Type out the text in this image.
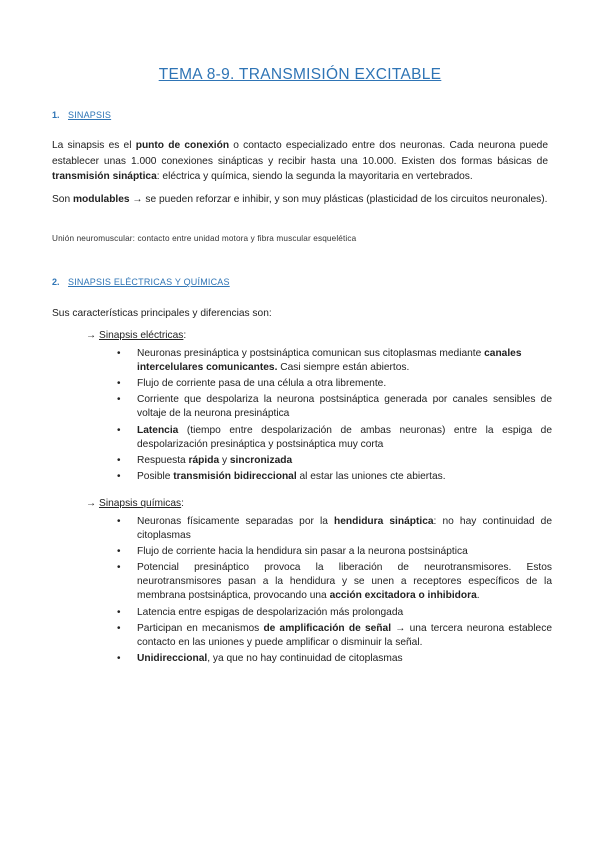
TEMA 8-9. TRANSMISIÓN EXCITABLE
1. SINAPSIS
La sinapsis es el punto de conexión o contacto especializado entre dos neuronas. Cada neurona puede establecer unas 1.000 conexiones sinápticas y recibir hasta una 10.000. Existen dos formas básicas de transmisión sináptica: eléctrica y química, siendo la segunda la mayoritaria en vertebrados.
Son modulables → se pueden reforzar e inhibir, y son muy plásticas (plasticidad de los circuitos neuronales).
Unión neuromuscular: contacto entre unidad motora y fibra muscular esquelética
2. SINAPSIS ELÉCTRICAS Y QUÍMICAS
Sus características principales y diferencias son:
→ Sinapsis eléctricas:
• Neuronas presináptica y postsináptica comunican sus citoplasmas mediante canales intercelulares comunicantes. Casi siempre están abiertos.
• Flujo de corriente pasa de una célula a otra libremente.
• Corriente que despolariza la neurona postsináptica generada por canales sensibles de voltaje de la neurona presináptica
• Latencia (tiempo entre despolarización de ambas neuronas) entre la espiga de despolarización presináptica y postsináptica muy corta
• Respuesta rápida y sincronizada
• Posible transmisión bidireccional al estar las uniones cte abiertas.
→ Sinapsis químicas:
• Neuronas físicamente separadas por la hendidura sináptica: no hay continuidad de citoplasmas
• Flujo de corriente hacia la hendidura sin pasar a la neurona postsináptica
• Potencial presináptico provoca la liberación de neurotransmisores. Estos neurotransmisores pasan a la hendidura y se unen a receptores específicos de la membrana postsináptica, provocando una acción excitadora o inhibidora.
• Latencia entre espigas de despolarización más prolongada
• Participan en mecanismos de amplificación de señal → una tercera neurona establece contacto en las uniones y puede amplificar o disminuir la señal.
• Unidireccional, ya que no hay continuidad de citoplasmas
